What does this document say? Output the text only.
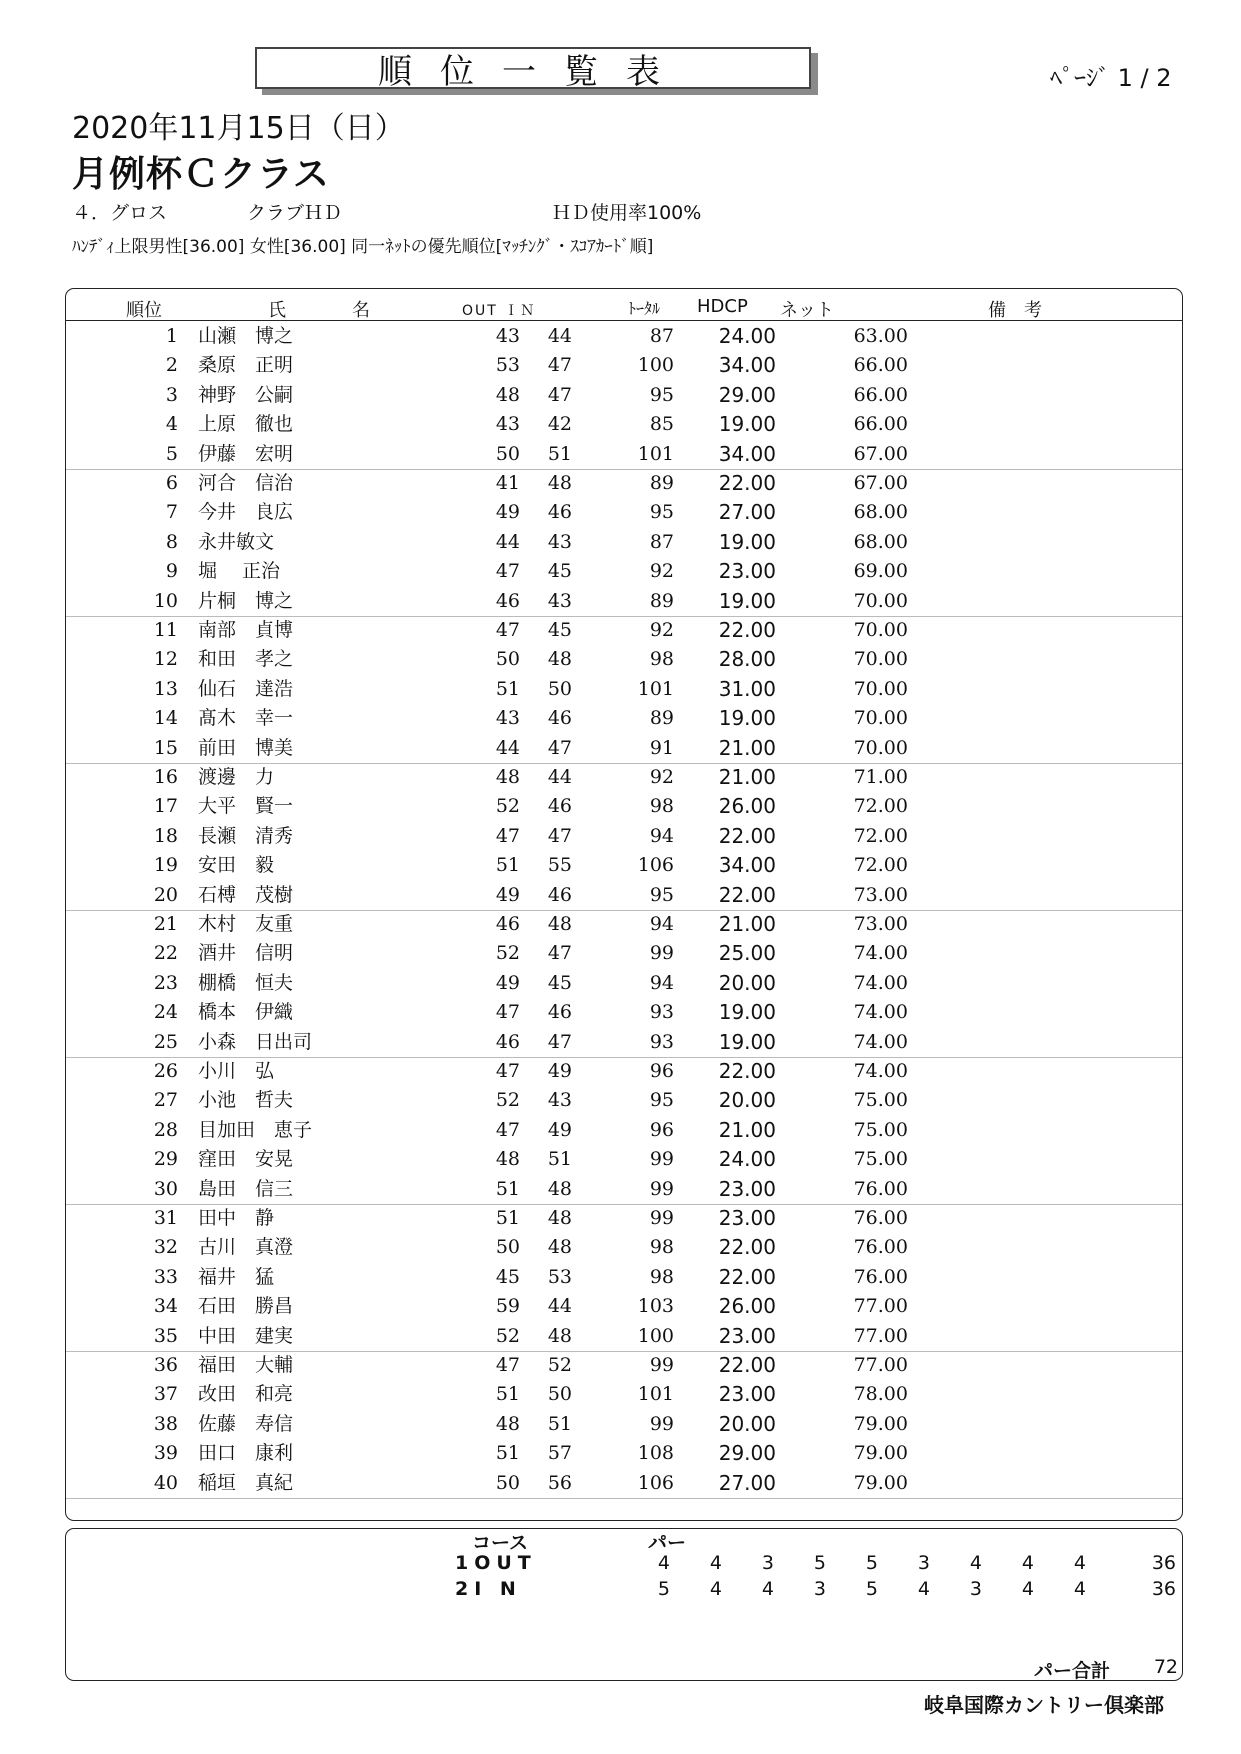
順位一覧表	ﾍﾟｰｼﾞ 1 / 2
2020年11月15日（日）
月例杯Ｃクラス
４．グロス	クラブＨＤ	ＨＤ使用率100%
ﾊﾝﾃﾞｨ上限男性[36.00] 女性[36.00] 同一ﾈｯﾄの優先順位[ﾏｯﾁﾝｸﾞ・ｽｺｱｶｰﾄﾞ順]
順位	氏	名	OUT ＩＮ	ﾄｰﾀﾙ HDCP ネット	備　考
1 山瀬　博之	43	44	87	24.00	63.00
2 桑原　正明	53	47	100	34.00	66.00
3 神野　公嗣	48	47	95	29.00	66.00
4 上原　徹也	43	42	85	19.00	66.00
5 伊藤　宏明	50	51	101	34.00	67.00
6 河合　信治	41	48	89	22.00	67.00
7 今井　良広	49	46	95	27.00	68.00
8 永井敏文	44	43	87	19.00	68.00
9 堀　 正治	47	45	92	23.00	69.00
10 片桐　博之	46	43	89	19.00	70.00
11 南部　貞博	47	45	92	22.00	70.00
12 和田　孝之	50	48	98	28.00	70.00
13 仙石　達浩	51	50	101	31.00	70.00
14 髙木　幸一	43	46	89	19.00	70.00
15 前田　博美	44	47	91	21.00	70.00
16 渡邊　力	48	44	92	21.00	71.00
17 大平　賢一	52	46	98	26.00	72.00
18 長瀬　清秀	47	47	94	22.00	72.00
19 安田　毅	51	55	106	34.00	72.00
20 石榑　茂樹	49	46	95	22.00	73.00
21 木村　友重	46	48	94	21.00	73.00
22 酒井　信明	52	47	99	25.00	74.00
23 棚橋　恒夫	49	45	94	20.00	74.00
24 橋本　伊織	47	46	93	19.00	74.00
25 小森　日出司	46	47	93	19.00	74.00
26 小川　弘	47	49	96	22.00	74.00
27 小池　哲夫	52	43	95	20.00	75.00
28 目加田　恵子	47	49	96	21.00	75.00
29 窪田　安晃	48	51	99	24.00	75.00
30 島田　信三	51	48	99	23.00	76.00
31 田中　静	51	48	99	23.00	76.00
32 古川　真澄	50	48	98	22.00	76.00
33 福井　猛	45	53	98	22.00	76.00
34 石田　勝昌	59	44	103	26.00	77.00
35 中田　建実	52	48	100	23.00	77.00
36 福田　大輔	47	52	99	22.00	77.00
37 改田　和亮	51	50	101	23.00	78.00
38 佐藤　寿信	48	51	99	20.00	79.00
39 田口　康利	51	57	108	29.00	79.00
40 稲垣　真紀	50	56	106	27.00	79.00
コース	パー
1OUT	4	4	3	5	5	3	4	4	4	36
2I N	5	4	4	3	5	4	3	4	4	36
パー合計	72
岐阜国際カントリー倶楽部
